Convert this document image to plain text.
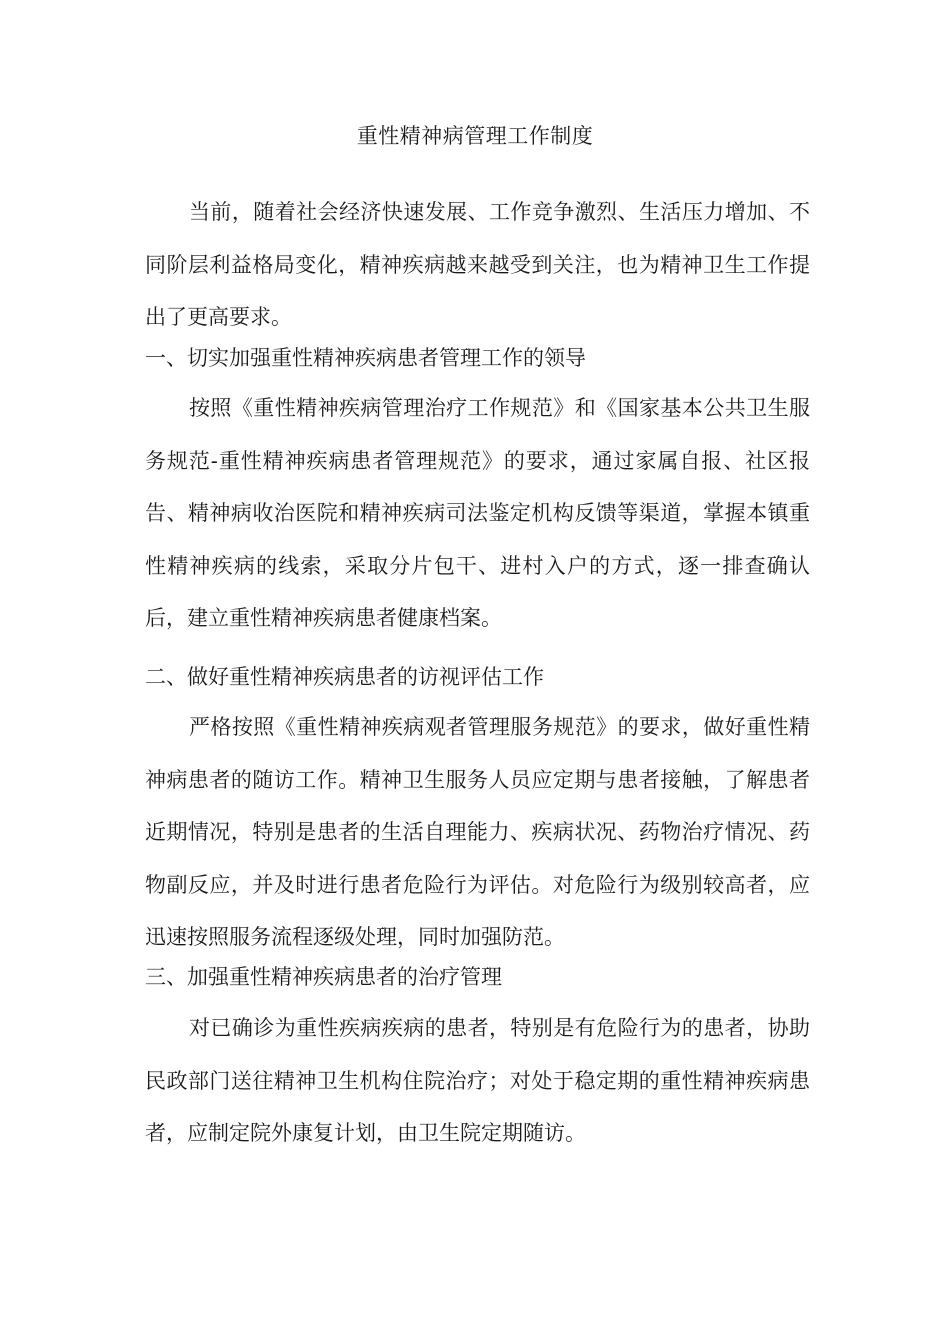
重性精神病管理工作制度
当前，随着社会经济快速发展、工作竞争激烈、生活压力增加、不同阶层利益格局变化，精神疾病越来越受到关注，也为精神卫生工作提出了更高要求。
一、切实加强重性精神疾病患者管理工作的领导
按照《重性精神疾病管理治疗工作规范》和《国家基本公共卫生服务规范-重性精神疾病患者管理规范》的要求，通过家属自报、社区报告、精神病收治医院和精神疾病司法鉴定机构反馈等渠道，掌握本镇重性精神疾病的线索，采取分片包干、进村入户的方式，逐一排查确认后，建立重性精神疾病患者健康档案。
二、做好重性精神疾病患者的访视评估工作
严格按照《重性精神疾病观者管理服务规范》的要求，做好重性精神病患者的随访工作。精神卫生服务人员应定期与患者接触，了解患者近期情况，特别是患者的生活自理能力、疾病状况、药物治疗情况、药物副反应，并及时进行患者危险行为评估。对危险行为级别较高者，应迅速按照服务流程逐级处理，同时加强防范。
三、加强重性精神疾病患者的治疗管理
对已确诊为重性疾病疾病的患者，特别是有危险行为的患者，协助民政部门送往精神卫生机构住院治疗；对处于稳定期的重性精神疾病患者，应制定院外康复计划，由卫生院定期随访。
